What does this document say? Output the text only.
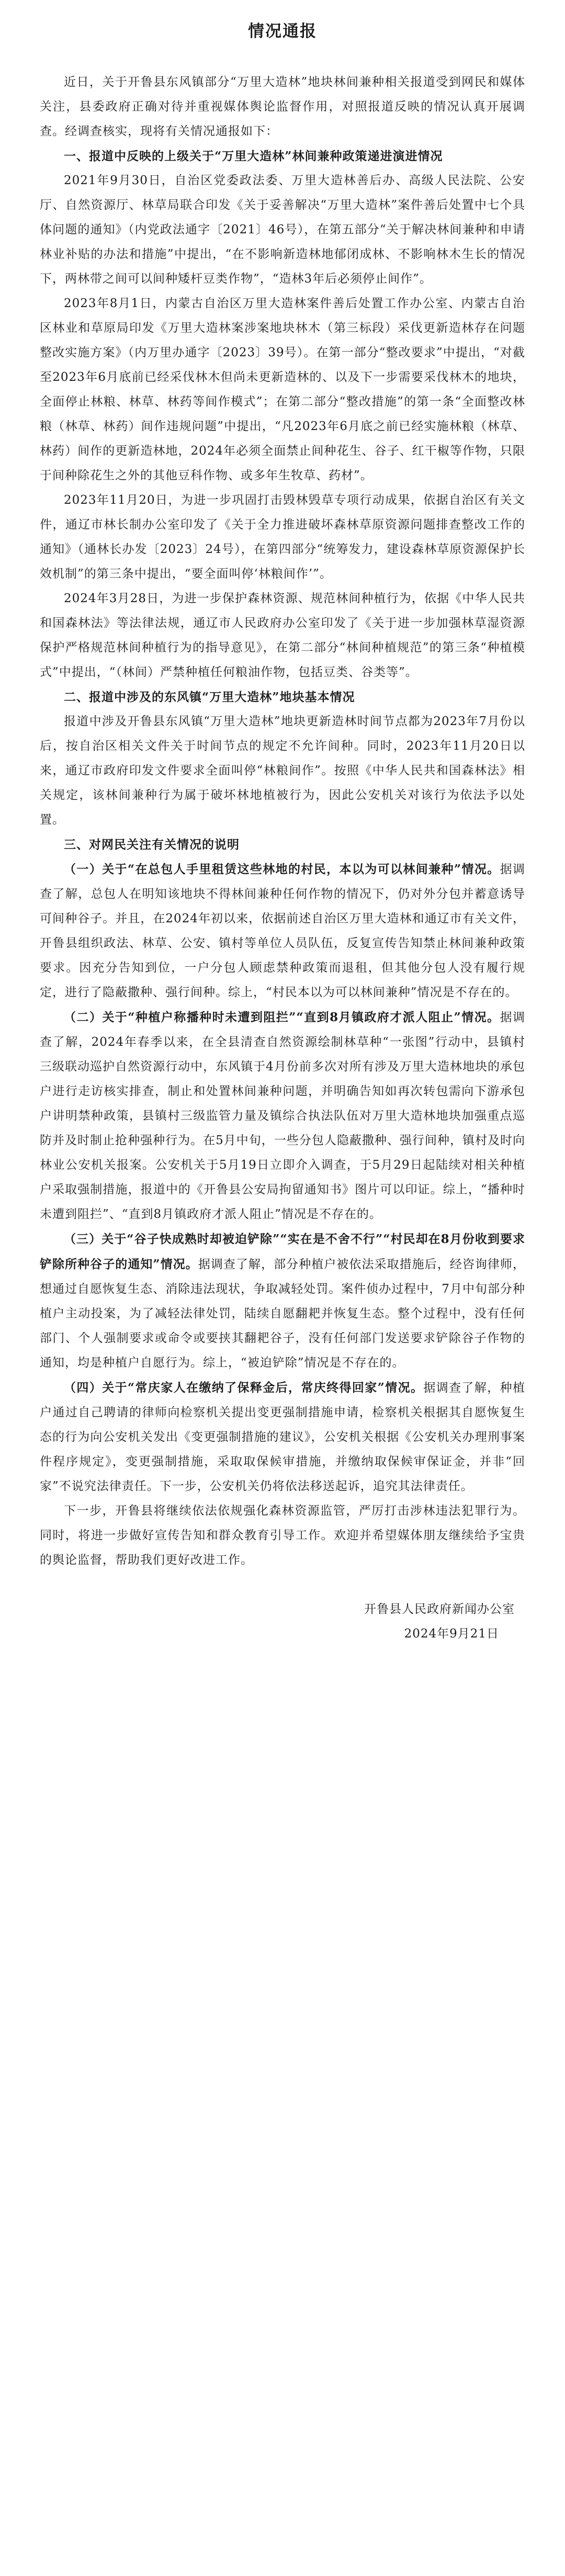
情况通报

近日，关于开鲁县东风镇部分“万里大造林”地块林间兼种相关报道受到网民和媒体关注，县委政府正确对待并重视媒体舆论监督作用，对照报道反映的情况认真开展调查。经调查核实，现将有关情况通报如下：

一、报道中反映的上级关于“万里大造林”林间兼种政策递进演进情况

2021年9月30日，自治区党委政法委、万里大造林善后办、高级人民法院、公安厅、自然资源厅、林草局联合印发《关于妥善解决“万里大造林”案件善后处置中七个具体问题的通知》（内党政法通字〔2021〕46号），在第五部分“关于解决林间兼种和申请林业补贴的办法和措施”中提出，“在不影响新造林地郁闭成林、不影响林木生长的情况下，两林带之间可以间种矮杆豆类作物”，“造林3年后必须停止间作”。

2023年8月1日，内蒙古自治区万里大造林案件善后处置工作办公室、内蒙古自治区林业和草原局印发《万里大造林案涉案地块林木（第三标段）采伐更新造林存在问题整改实施方案》（内万里办通字〔2023〕39号）。在第一部分“整改要求”中提出，“对截至2023年6月底前已经采伐林木但尚未更新造林的、以及下一步需要采伐林木的地块，全面停止林粮、林草、林药等间作模式”；在第二部分“整改措施”的第一条“全面整改林粮（林草、林药）间作违规问题”中提出，“凡2023年6月底之前已经实施林粮（林草、林药）间作的更新造林地，2024年必须全面禁止间种花生、谷子、红干椒等作物，只限于间种除花生之外的其他豆科作物、或多年生牧草、药材”。

2023年11月20日，为进一步巩固打击毁林毁草专项行动成果，依据自治区有关文件，通辽市林长制办公室印发了《关于全力推进破坏森林草原资源问题排查整改工作的通知》（通林长办发〔2023〕24号），在第四部分“统筹发力，建设森林草原资源保护长效机制”的第三条中提出，“要全面叫停‘林粮间作’”。

2024年3月28日，为进一步保护森林资源、规范林间种植行为，依据《中华人民共和国森林法》等法律法规，通辽市人民政府办公室印发了《关于进一步加强林草湿资源保护严格规范林间种植行为的指导意见》，在第二部分“林间种植规范”的第三条“种植模式”中提出，“（林间）严禁种植任何粮油作物，包括豆类、谷类等”。

二、报道中涉及的东风镇“万里大造林”地块基本情况

报道中涉及开鲁县东风镇“万里大造林”地块更新造林时间节点都为2023年7月份以后，按自治区相关文件关于时间节点的规定不允许间种。同时，2023年11月20日以来，通辽市政府印发文件要求全面叫停“林粮间作”。按照《中华人民共和国森林法》相关规定，该林间兼种行为属于破坏林地植被行为，因此公安机关对该行为依法予以处置。

三、对网民关注有关情况的说明

（一）关于“在总包人手里租赁这些林地的村民，本以为可以林间兼种”情况。据调查了解，总包人在明知该地块不得林间兼种任何作物的情况下，仍对外分包并蓄意诱导可间种谷子。并且，在2024年初以来，依据前述自治区万里大造林和通辽市有关文件，开鲁县组织政法、林草、公安、镇村等单位人员队伍，反复宣传告知禁止林间兼种政策要求。因充分告知到位，一户分包人顾虑禁种政策而退租，但其他分包人没有履行规定，进行了隐蔽撒种、强行间种。综上，“村民本以为可以林间兼种”情况是不存在的。

（二）关于“种植户称播种时未遭到阻拦”“直到8月镇政府才派人阻止”情况。据调查了解，2024年春季以来，在全县清查自然资源绘制林草种“一张图”行动中，县镇村三级联动巡护自然资源行动中，东风镇于4月份前多次对所有涉及万里大造林地块的承包户进行走访核实排查，制止和处置林间兼种问题，并明确告知如再次转包需向下游承包户讲明禁种政策，县镇村三级监管力量及镇综合执法队伍对万里大造林地块加强重点巡防并及时制止抢种强种行为。在5月中旬，一些分包人隐蔽撒种、强行间种，镇村及时向林业公安机关报案。公安机关于5月19日立即介入调查，于5月29日起陆续对相关种植户采取强制措施，报道中的《开鲁县公安局拘留通知书》图片可以印证。综上，“播种时未遭到阻拦”、“直到8月镇政府才派人阻止”情况是不存在的。

（三）关于“谷子快成熟时却被迫铲除”“实在是不舍不行”“村民却在8月份收到要求铲除所种谷子的通知”情况。据调查了解，部分种植户被依法采取措施后，经咨询律师，想通过自愿恢复生态、消除违法现状，争取减轻处罚。案件侦办过程中，7月中旬部分种植户主动投案，为了减轻法律处罚，陆续自愿翻耙并恢复生态。整个过程中，没有任何部门、个人强制要求或命令或要挟其翻耙谷子，没有任何部门发送要求铲除谷子作物的通知，均是种植户自愿行为。综上，“被迫铲除”情况是不存在的。

（四）关于“常庆家人在缴纳了保释金后，常庆终得回家”情况。据调查了解，种植户通过自己聘请的律师向检察机关提出变更强制措施申请，检察机关根据其自愿恢复生态的行为向公安机关发出《变更强制措施的建议》，公安机关根据《公安机关办理刑事案件程序规定》，变更强制措施，采取取保候审措施，并缴纳取保候审保证金，并非“回家”不说究法律责任。下一步，公安机关仍将依法移送起诉，追究其法律责任。

下一步，开鲁县将继续依法依规强化森林资源监管，严厉打击涉林违法犯罪行为。同时，将进一步做好宣传告知和群众教育引导工作。欢迎并希望媒体朋友继续给予宝贵的舆论监督，帮助我们更好改进工作。

开鲁县人民政府新闻办公室

2024年9月21日
